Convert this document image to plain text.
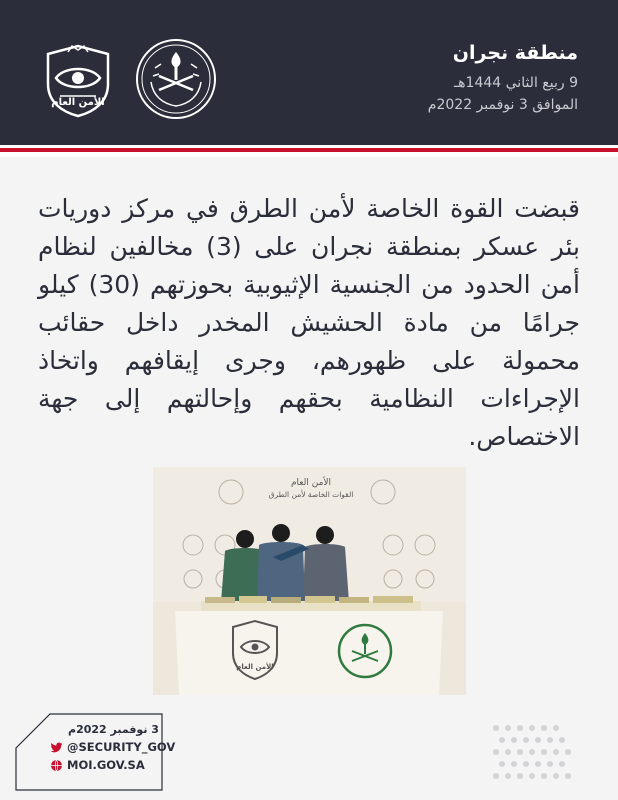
منطقة نجران
9 ربيع الثاني 1444هـ
الموافق 3 نوفمبر 2022م
الأمن العام

قبضت القوة الخاصة لأمن الطرق في مركز دوريات بئر عسكر بمنطقة نجران على (3) مخالفين لنظام أمن الحدود من الجنسية الإثيوبية بحوزتهم (30) كيلو جرامًا من مادة الحشيش المخدر داخل حقائب محمولة على ظهورهم، وجرى إيقافهم واتخاذ الإجراءات النظامية بحقهم وإحالتهم إلى جهة الاختصاص.

الأمن العام
القوات الخاصة لأمن الطرق
الأمن العام
3 نوفمبر 2022م
@SECURITY_GOV
MOI.GOV.SA
